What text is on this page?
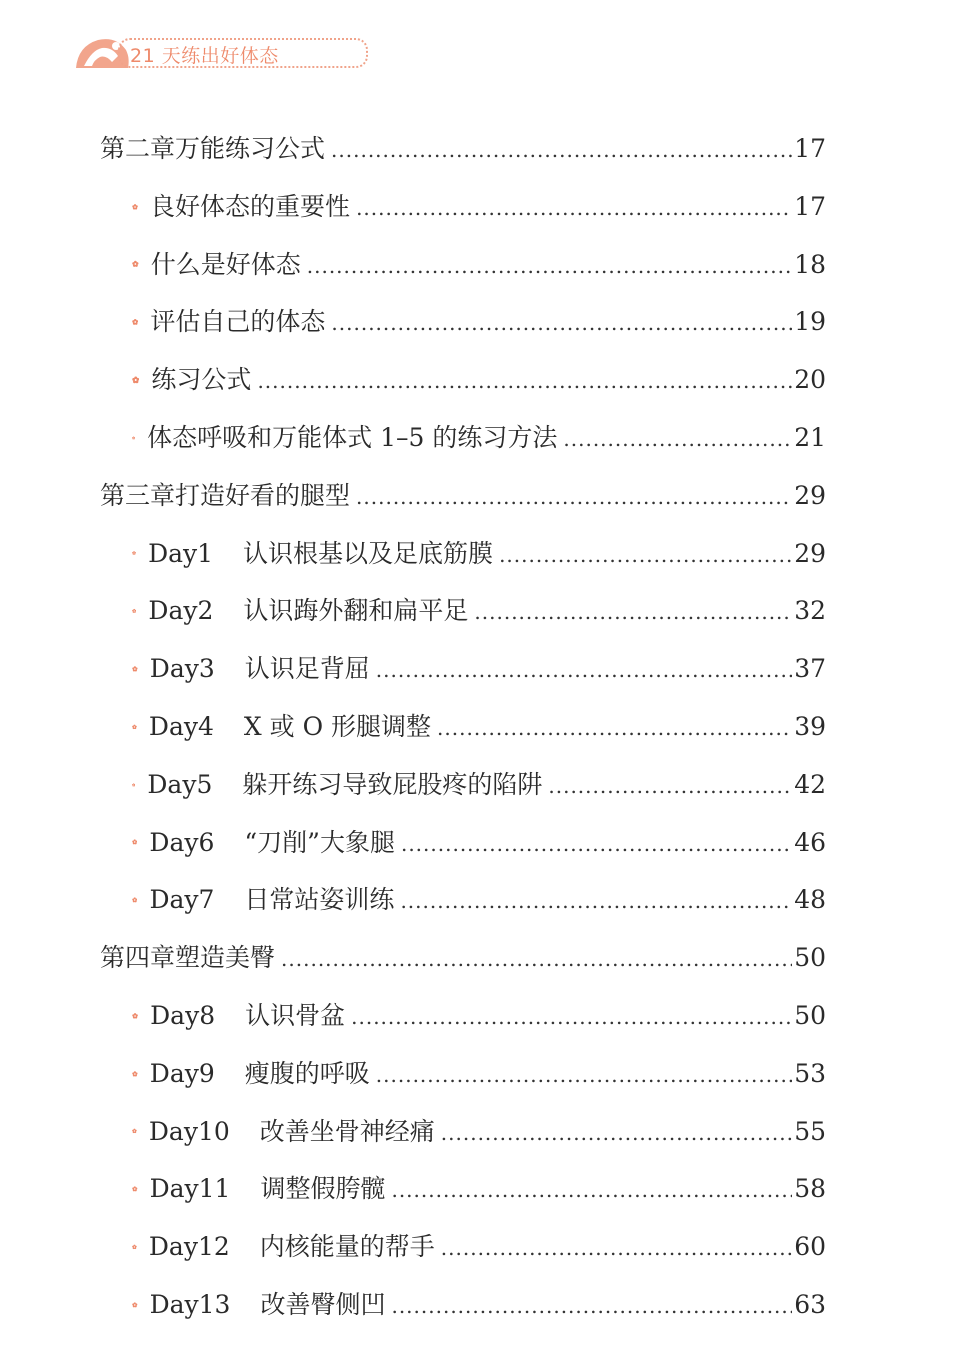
21 天练出好体态
第二章 万能练习公式 .....	17
良好体态的重要性 .....	17
什么是好体态 .....	18
评估自己的体态 .....	19
练习公式 .....	20
体态呼吸和万能体式 1–5 的练习方法 .....	21
第三章 打造好看的腿型 .....	29
Day1 认识根基以及足底筋膜 .....	29
Day2 认识踇外翻和扁平足 .....	32
Day3 认识足背屈 .....	37
Day4 X 或 O 形腿调整 .....	39
Day5 躲开练习导致屁股疼的陷阱 .....	42
Day6 “刀削”大象腿 .....	46
Day7 日常站姿训练 .....	48
第四章 塑造美臀 .....	50
Day8 认识骨盆 .....	50
Day9 瘦腹的呼吸 .....	53
Day10 改善坐骨神经痛 .....	55
Day11 调整假胯髋 .....	58
Day12 内核能量的帮手 .....	60
Day13 改善臀侧凹 .....	63
